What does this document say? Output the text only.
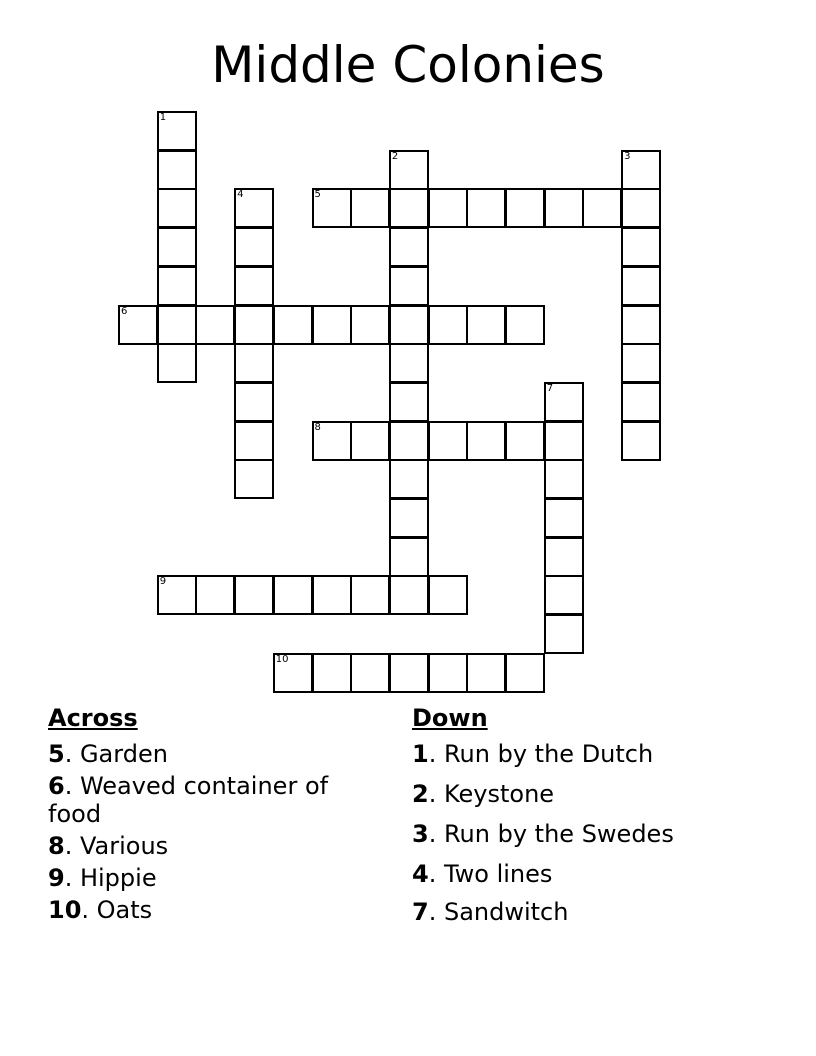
Middle Colonies
1
2	3
4	5
6
7
8
9
10
Across
5. Garden
6. Weaved container of food
8. Various
9. Hippie
10. Oats
Down
1. Run by the Dutch
2. Keystone
3. Run by the Swedes
4. Two lines
7. Sandwitch
